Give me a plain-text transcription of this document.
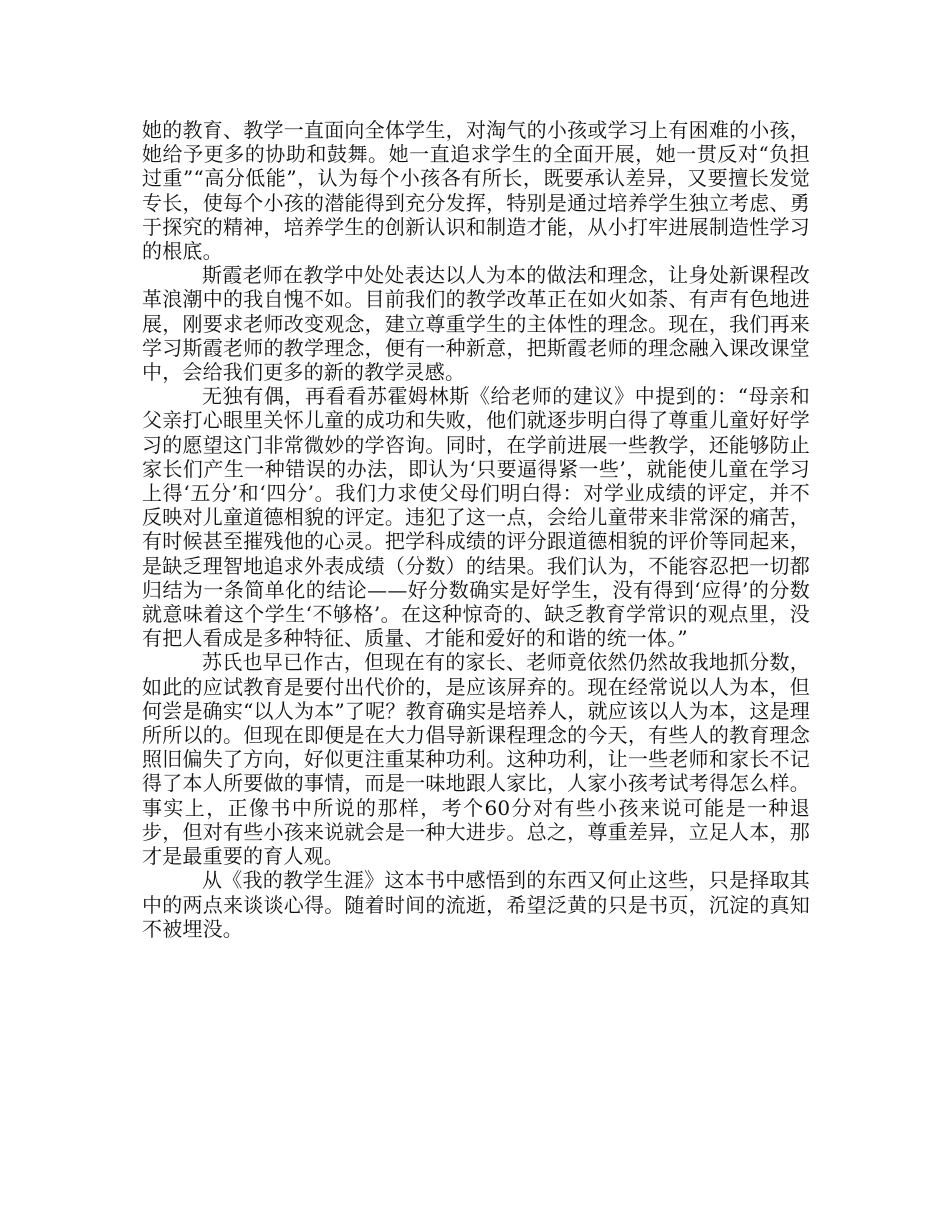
她的教育、教学一直面向全体学生，对淘气的小孩或学习上有困难的小孩，她给予更多的协助和鼓舞。她一直追求学生的全面开展，她一贯反对“负担过重”“高分低能”，认为每个小孩各有所长，既要承认差异，又要擅长发觉专长，使每个小孩的潜能得到充分发挥，特别是通过培养学生独立考虑、勇于探究的精神，培养学生的创新认识和制造才能，从小打牢进展制造性学习的根底。

斯霞老师在教学中处处表达以人为本的做法和理念，让身处新课程改革浪潮中的我自愧不如。目前我们的教学改革正在如火如荼、有声有色地进展，刚要求老师改变观念，建立尊重学生的主体性的理念。现在，我们再来学习斯霞老师的教学理念，便有一种新意，把斯霞老师的理念融入课改课堂中，会给我们更多的新的教学灵感。

无独有偶，再看看苏霍姆林斯《给老师的建议》中提到的：“母亲和父亲打心眼里关怀儿童的成功和失败，他们就逐步明白得了尊重儿童好好学习的愿望这门非常微妙的学咨询。同时，在学前进展一些教学，还能够防止家长们产生一种错误的办法，即认为‘只要逼得紧一些’，就能使儿童在学习上得‘五分’和‘四分’。我们力求使父母们明白得：对学业成绩的评定，并不反映对儿童道德相貌的评定。违犯了这一点，会给儿童带来非常深的痛苦，有时候甚至摧残他的心灵。把学科成绩的评分跟道德相貌的评价等同起来，是缺乏理智地追求外表成绩（分数）的结果。我们认为，不能容忍把一切都归结为一条简单化的结论——好分数确实是好学生，没有得到‘应得’的分数就意味着这个学生‘不够格’。在这种惊奇的、缺乏教育学常识的观点里，没有把人看成是多种特征、质量、才能和爱好的和谐的统一体。”

苏氏也早已作古，但现在有的家长、老师竟依然仍然故我地抓分数，如此的应试教育是要付出代价的，是应该屏弃的。现在经常说以人为本，但何尝是确实“以人为本”了呢？教育确实是培养人，就应该以人为本，这是理所所以的。但现在即便是在大力倡导新课程理念的今天，有些人的教育理念照旧偏失了方向，好似更注重某种功利。这种功利，让一些老师和家长不记得了本人所要做的事情，而是一味地跟人家比，人家小孩考试考得怎么样。事实上，正像书中所说的那样，考个60分对有些小孩来说可能是一种退步，但对有些小孩来说就会是一种大进步。总之，尊重差异，立足人本，那才是最重要的育人观。

从《我的教学生涯》这本书中感悟到的东西又何止这些，只是择取其中的两点来谈谈心得。随着时间的流逝，希望泛黄的只是书页，沉淀的真知不被埋没。
